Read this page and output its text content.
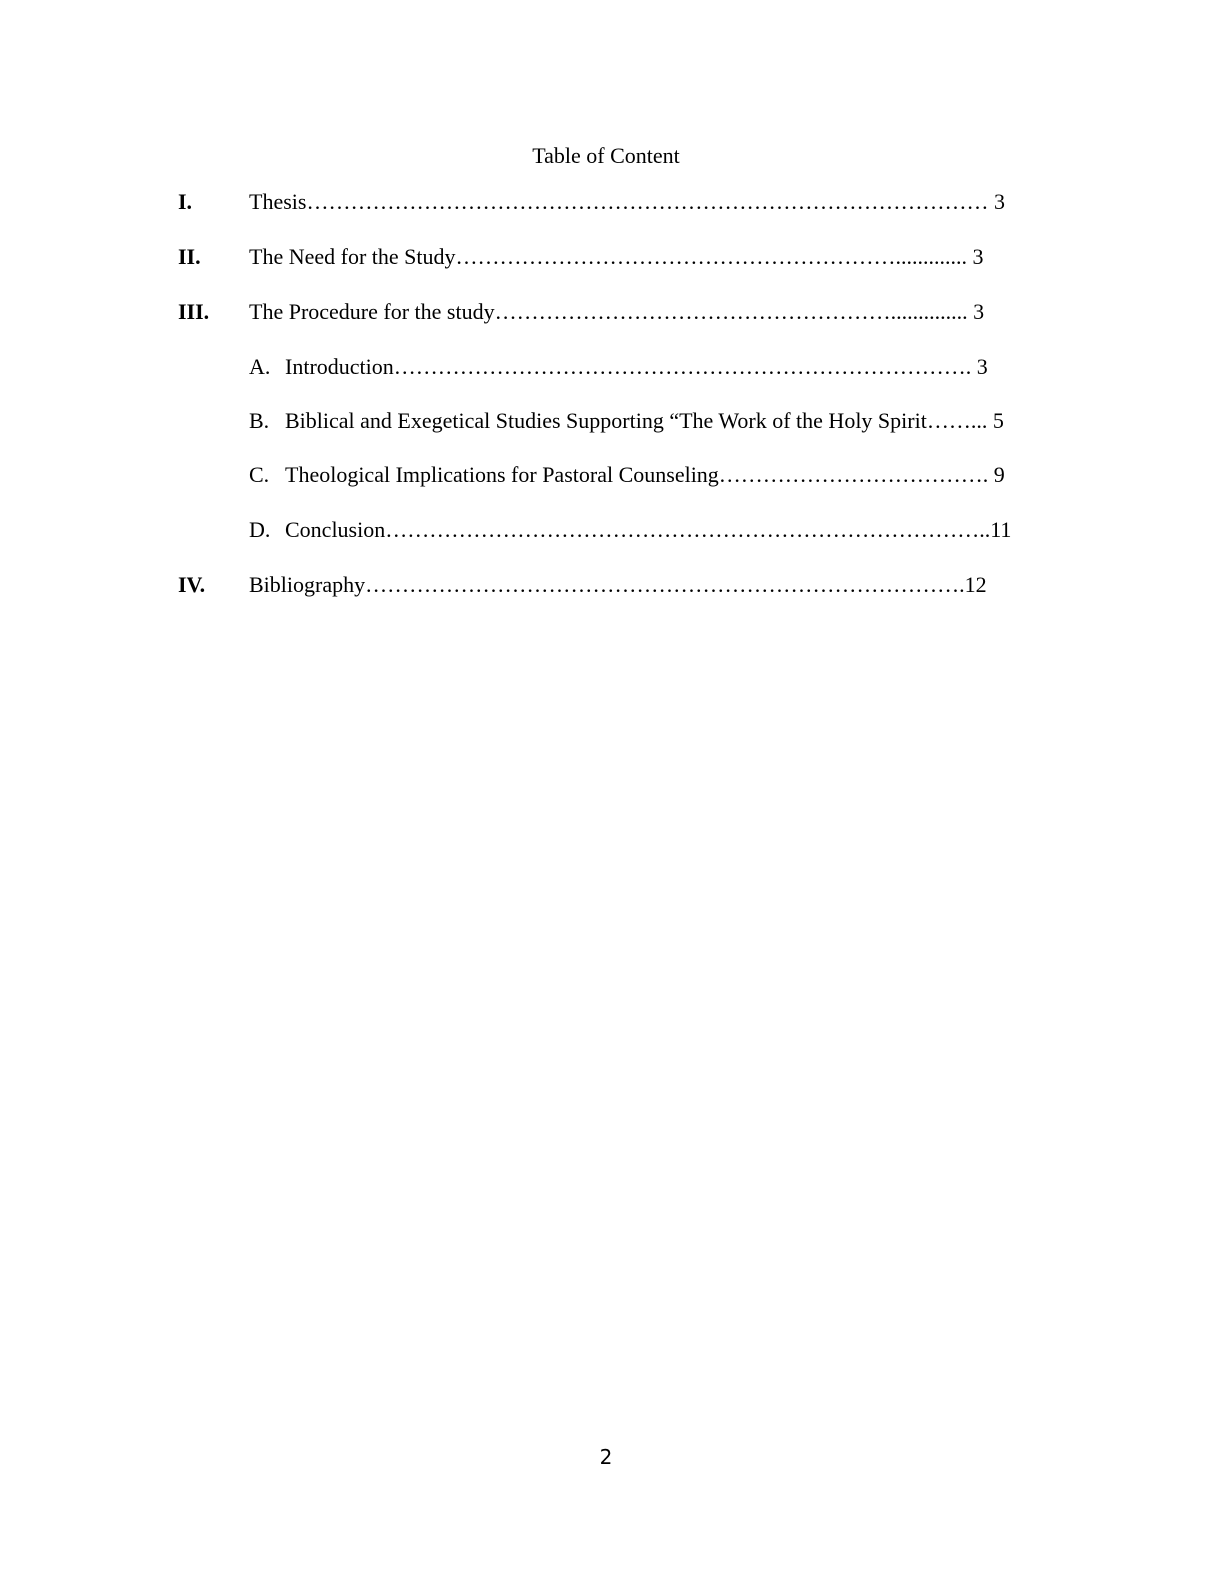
Table of Content
I.	Thesis………………………………………………………………………………… 3
II. The Need for the Study……………………………………………………............. 3
III. The Procedure for the study……………………………………………….............. 3
A. Introduction……………………………………………………………………. 3
B. Biblical and Exegetical Studies Supporting “The Work of the Holy Spirit……... 5
C. Theological Implications for Pastoral Counseling………………………………. 9
D. Conclusion………………………………………………………………………..11
IV. Bibliography……………………………………………………………………….12
2
